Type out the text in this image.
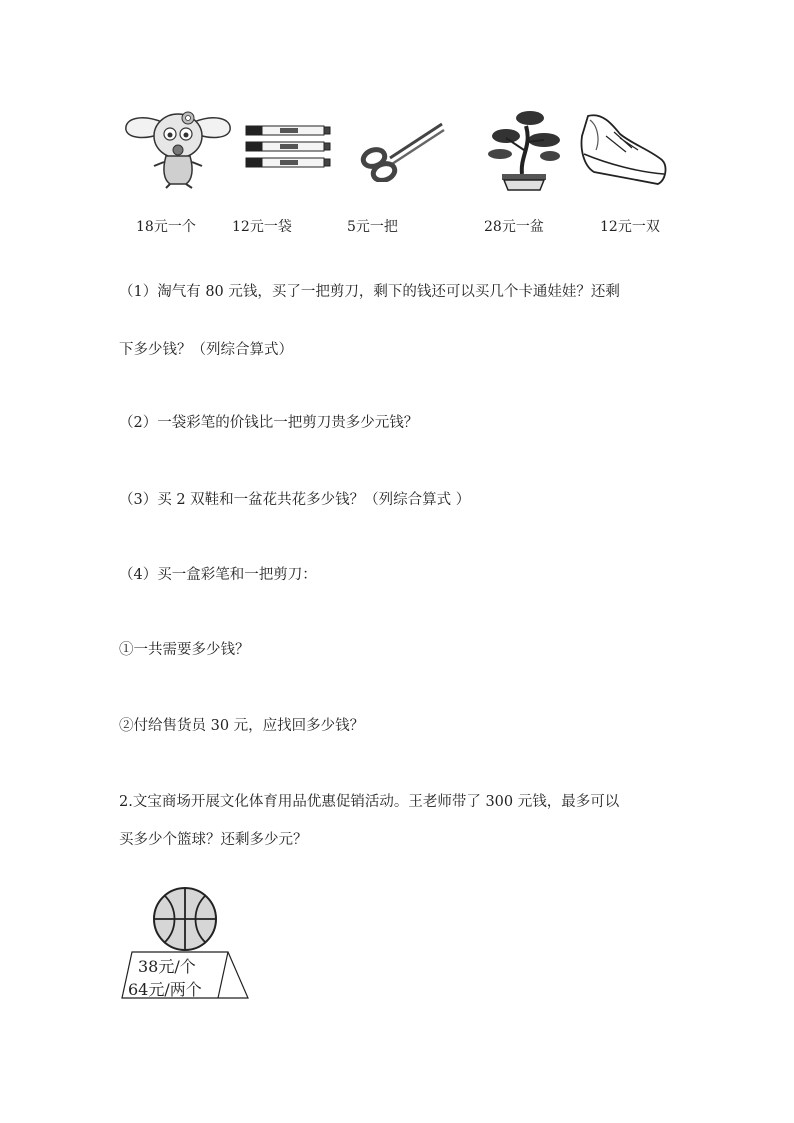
18元一个	12元一袋	5元一把	28元一盆	12元一双
（1）淘气有 80 元钱，买了一把剪刀，剩下的钱还可以买几个卡通娃娃？还剩
下多少钱？（列综合算式）
（2）一袋彩笔的价钱比一把剪刀贵多少元钱？
（3）买 2 双鞋和一盆花共花多少钱？（列综合算式 ）
（4）买一盒彩笔和一把剪刀：
①一共需要多少钱？
②付给售货员 30 元，应找回多少钱？
2.文宝商场开展文化体育用品优惠促销活动。王老师带了 300 元钱，最多可以
买多少个篮球？还剩多少元？
38元/个
64元/两个
